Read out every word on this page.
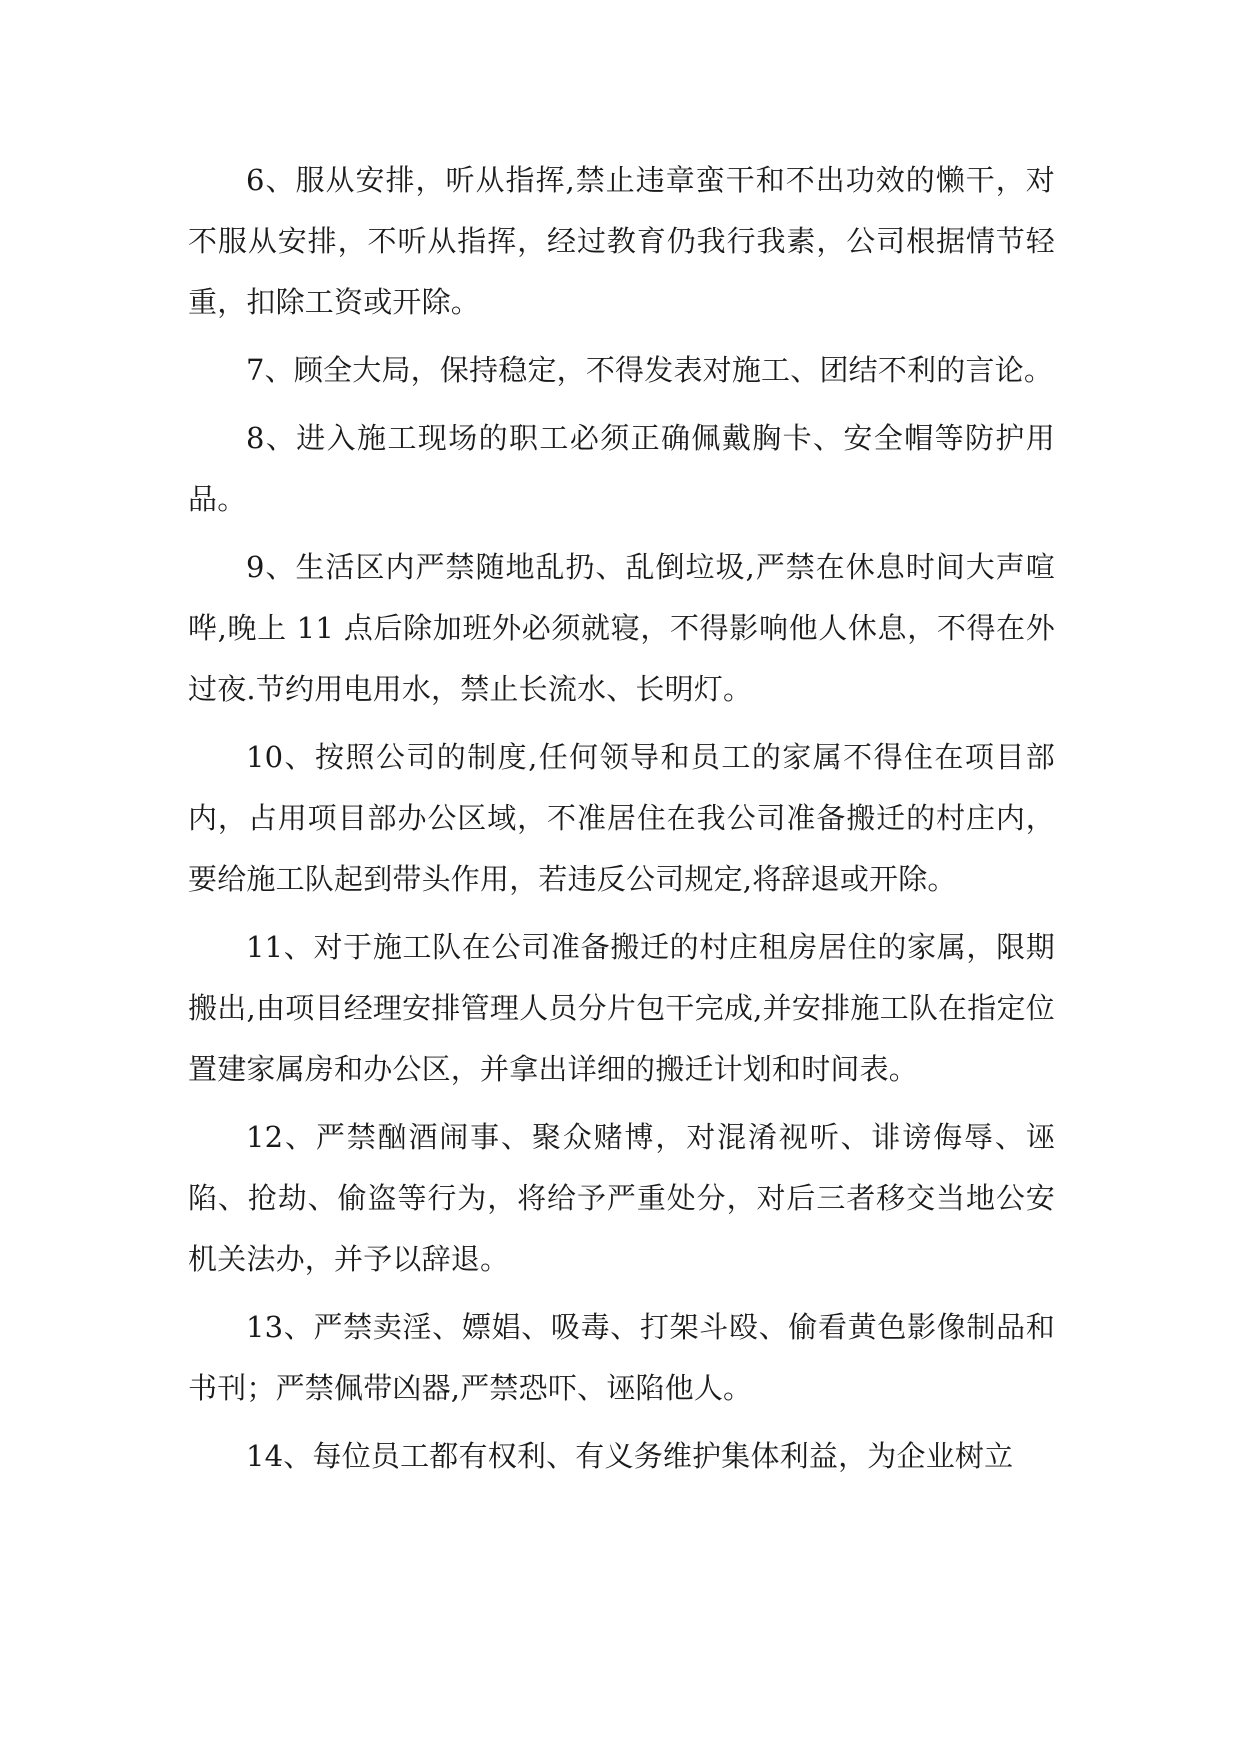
6、服从安排，听从指挥,禁止违章蛮干和不出功效的懒干，对不服从安排，不听从指挥，经过教育仍我行我素，公司根据情节轻重，扣除工资或开除。

7、顾全大局，保持稳定，不得发表对施工、团结不利的言论。

8、进入施工现场的职工必须正确佩戴胸卡、安全帽等防护用品。

9、生活区内严禁随地乱扔、乱倒垃圾,严禁在休息时间大声喧哗,晚上 11 点后除加班外必须就寝，不得影响他人休息，不得在外过夜.节约用电用水，禁止长流水、长明灯。

10、按照公司的制度,任何领导和员工的家属不得住在项目部内，占用项目部办公区域，不准居住在我公司准备搬迁的村庄内，要给施工队起到带头作用，若违反公司规定,将辞退或开除。

11、对于施工队在公司准备搬迁的村庄租房居住的家属，限期搬出,由项目经理安排管理人员分片包干完成,并安排施工队在指定位置建家属房和办公区，并拿出详细的搬迁计划和时间表。

12、严禁酗酒闹事、聚众赌博，对混淆视听、诽谤侮辱、诬陷、抢劫、偷盗等行为，将给予严重处分，对后三者移交当地公安机关法办，并予以辞退。

13、严禁卖淫、嫖娼、吸毒、打架斗殴、偷看黄色影像制品和书刊；严禁佩带凶器,严禁恐吓、诬陷他人。

14、每位员工都有权利、有义务维护集体利益，为企业树立
